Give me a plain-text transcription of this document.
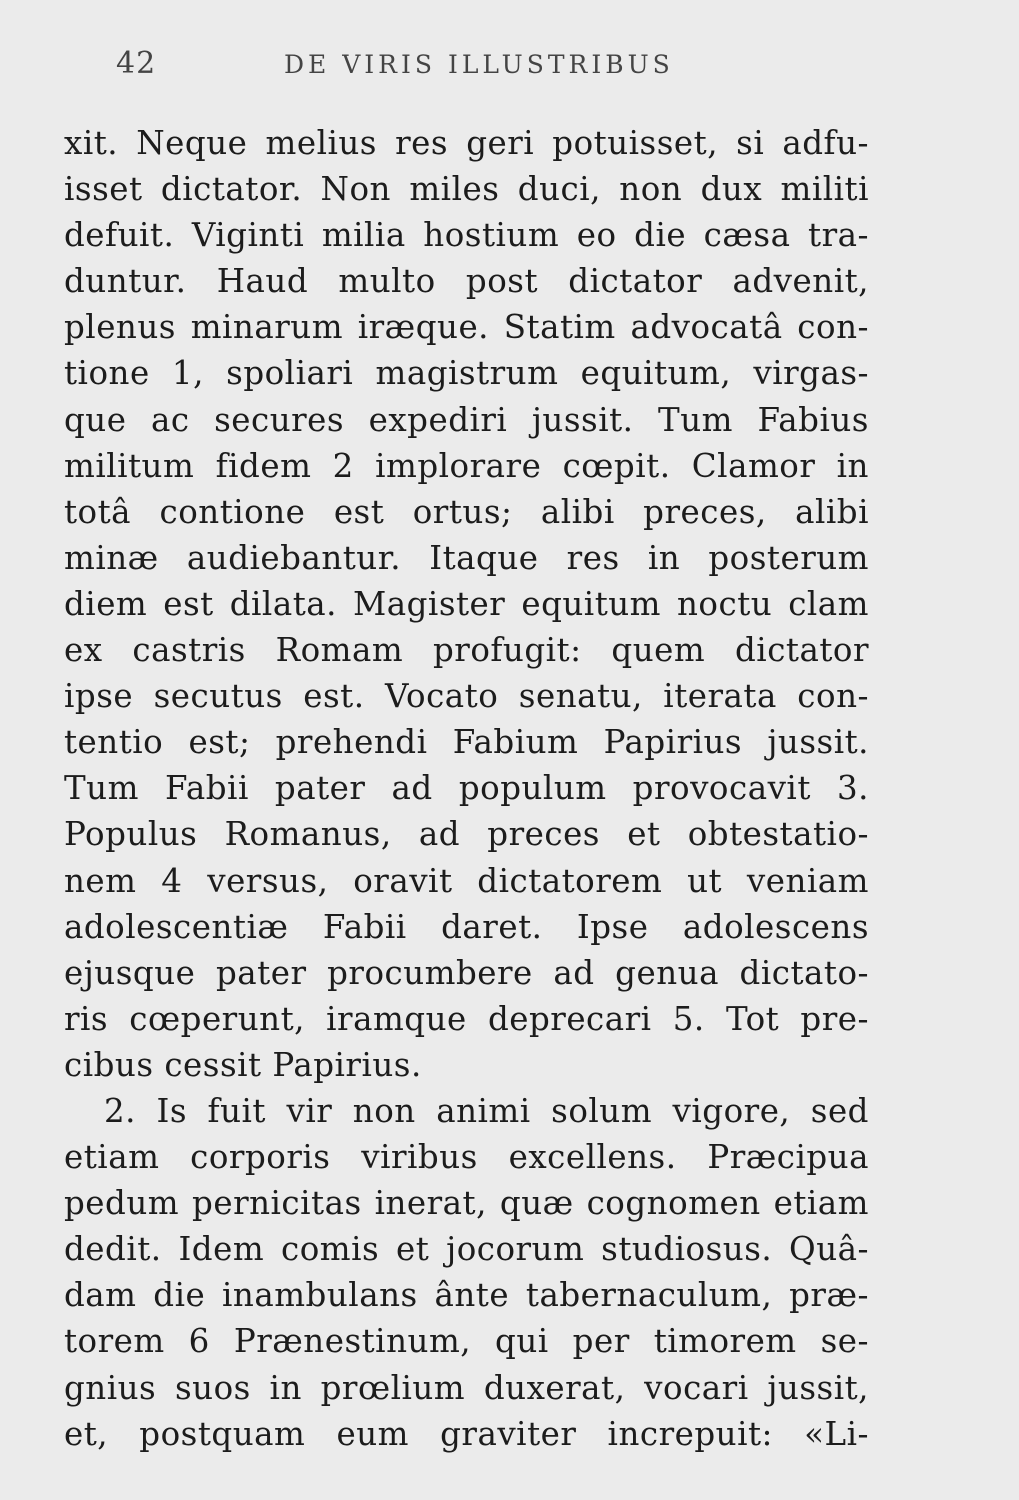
42	DE VIRIS ILLUSTRIBUS
xit. Neque melius res geri potuisset, si adfu-
isset dictator. Non miles duci, non dux militi
defuit. Viginti milia hostium eo die cæsa tra-
duntur. Haud multo post dictator advenit,
plenus minarum iræque. Statim advocatâ con-
tione 1, spoliari magistrum equitum, virgas-
que ac secures expediri jussit. Tum Fabius
militum fidem 2 implorare cœpit. Clamor in
totâ contione est ortus; alibi preces, alibi
minæ audiebantur. Itaque res in posterum
diem est dilata. Magister equitum noctu clam
ex castris Romam profugit: quem dictator
ipse secutus est. Vocato senatu, iterata con-
tentio est; prehendi Fabium Papirius jussit.
Tum Fabii pater ad populum provocavit 3.
Populus Romanus, ad preces et obtestatio-
nem 4 versus, oravit dictatorem ut veniam
adolescentiæ Fabii daret. Ipse adolescens
ejusque pater procumbere ad genua dictato-
ris cœperunt, iramque deprecari 5. Tot pre-
cibus cessit Papirius.
2. Is fuit vir non animi solum vigore, sed
etiam corporis viribus excellens. Præcipua
pedum pernicitas inerat, quæ cognomen etiam
dedit. Idem comis et jocorum studiosus. Quâ-
dam die inambulans ânte tabernaculum, præ-
torem 6 Prænestinum, qui per timorem se-
gnius suos in prœlium duxerat, vocari jussit,
et, postquam eum graviter increpuit: «Li-
